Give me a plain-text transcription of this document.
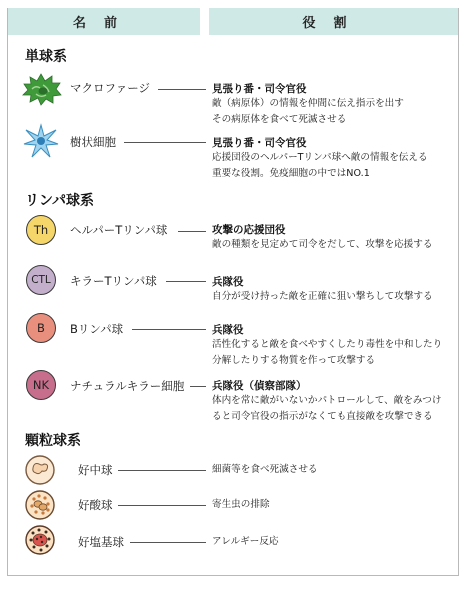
名前	役割
単球系
マクロファージ	見張り番・司令官役
敵（病原体）の情報を仲間に伝え指示を出す
その病原体を食べて死滅させる
樹状細胞	見張り番・司令官役
応援団役のヘルパーTリンパ球へ敵の情報を伝える
重要な役割。免疫細胞の中ではNO.1
リンパ球系
Th	ヘルパーTリンパ球	攻撃の応援団役
敵の種類を見定めて司令をだして、攻撃を応援する
CTL	キラーTリンパ球	兵隊役
自分が受け持った敵を正確に狙い撃ちして攻撃する
B	Bリンパ球	兵隊役
活性化すると敵を食べやすくしたり毒性を中和したり
分解したりする物質を作って攻撃する
NK	ナチュラルキラー細胞	兵隊役（偵察部隊）
体内を常に敵がいないかパトロールして、敵をみつけ
ると司令官役の指示がなくても直接敵を攻撃できる
顆粒球系
好中球	細菌等を食べ死滅させる
好酸球	寄生虫の排除
好塩基球	アレルギー反応
